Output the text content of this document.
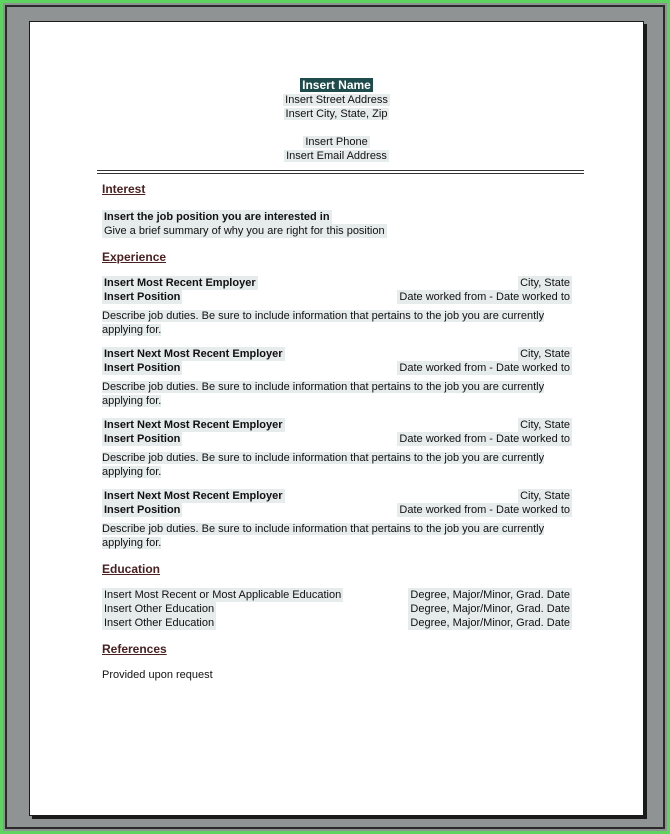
Insert Name
Insert Street Address
Insert City, State, Zip
Insert Phone
Insert Email Address
Interest
Insert the job position you are interested in
Give a brief summary of why you are right for this position
Experience
Insert Most Recent Employer	City, State
Insert Position	Date worked from - Date worked to
Describe job duties. Be sure to include information that pertains to the job you are currently
applying for.
Insert Next Most Recent Employer	City, State
Insert Position	Date worked from - Date worked to
Describe job duties. Be sure to include information that pertains to the job you are currently
applying for.
Insert Next Most Recent Employer	City, State
Insert Position	Date worked from - Date worked to
Describe job duties. Be sure to include information that pertains to the job you are currently
applying for.
Insert Next Most Recent Employer	City, State
Insert Position	Date worked from - Date worked to
Describe job duties. Be sure to include information that pertains to the job you are currently
applying for.
Education
Insert Most Recent or Most Applicable Education	Degree, Major/Minor, Grad. Date
Insert Other Education	Degree, Major/Minor, Grad. Date
Insert Other Education	Degree, Major/Minor, Grad. Date
References
Provided upon request
